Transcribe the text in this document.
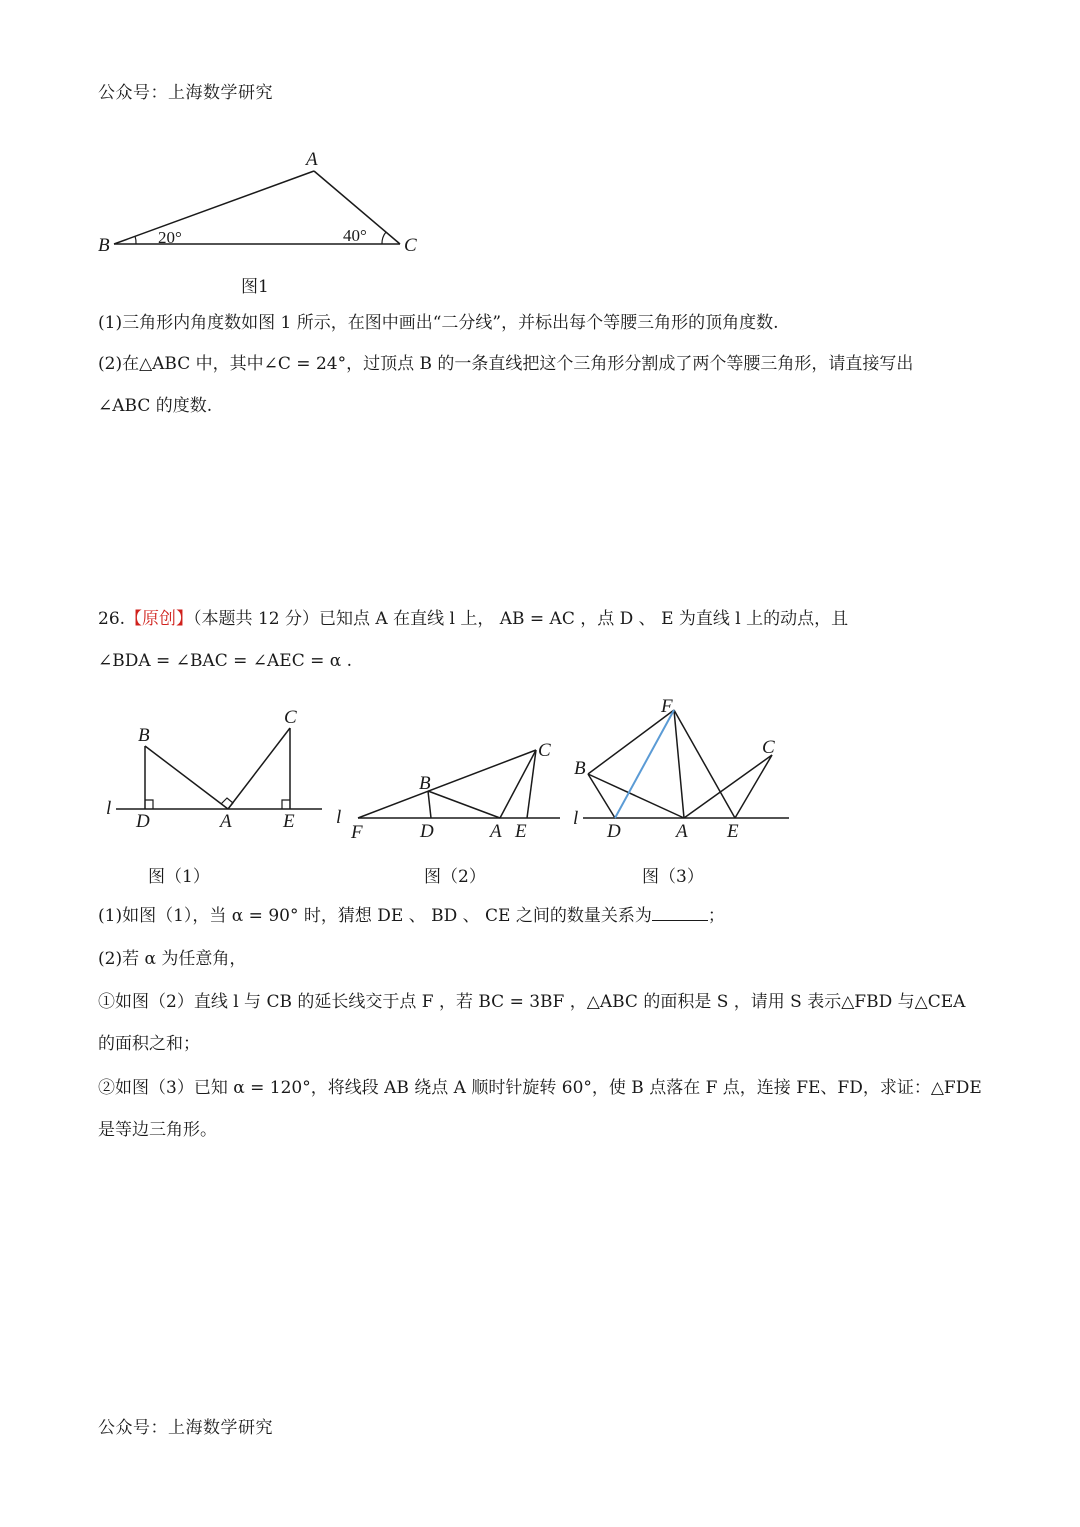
公众号：上海数学研究
A
B	C
20°	40°
图1
(1)三角形内角度数如图 1 所示，在图中画出“二分线”，并标出每个等腰三角形的顶角度数.
(2)在△ABC 中，其中∠C = 24°，过顶点 B 的一条直线把这个三角形分割成了两个等腰三角形，请直接写出
∠ABC 的度数.
26.【原创】（本题共 12 分）已知点 A 在直线 l 上， AB = AC ，点 D 、 E 为直线 l 上的动点，且
∠BDA = ∠BAC = ∠AEC = α .
B
C
l
D	A	E
图（1）
C
B
l
F	D	A E
图（2）
F
C
B
l
D	A E
图（3）
(1)如图（1），当 α = 90° 时，猜想 DE 、 BD 、 CE 之间的数量关系为	；
(2)若 α 为任意角，
①如图（2）直线 l 与 CB 的延长线交于点 F ，若 BC = 3BF ，△ABC 的面积是 S ，请用 S 表示△FBD 与△CEA
的面积之和；
②如图（3）已知 α = 120°，将线段 AB 绕点 A 顺时针旋转 60°，使 B 点落在 F 点，连接 FE、FD，求证：△FDE
是等边三角形。
公众号：上海数学研究
